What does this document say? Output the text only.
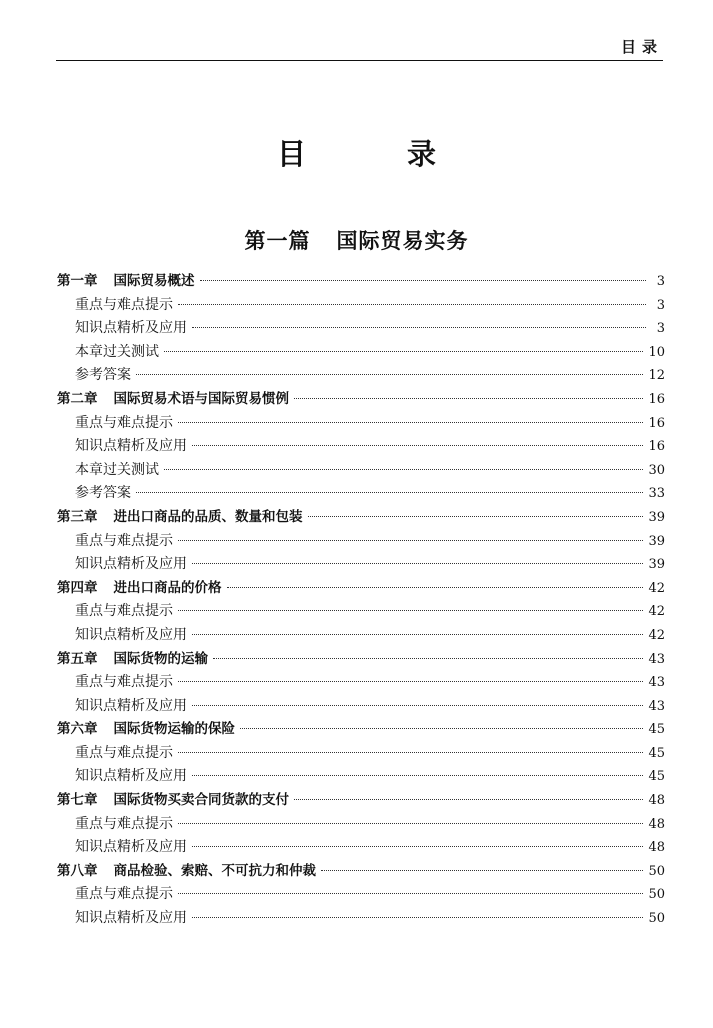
目录
目　录
第一篇 国际贸易实务
第一章 国际贸易概述	3
重点与难点提示	3
知识点精析及应用	3
本章过关测试	10
参考答案	12
第二章 国际贸易术语与国际贸易惯例	16
重点与难点提示	16
知识点精析及应用	16
本章过关测试	30
参考答案	33
第三章 进出口商品的品质、数量和包装	39
重点与难点提示	39
知识点精析及应用	39
第四章 进出口商品的价格	42
重点与难点提示	42
知识点精析及应用	42
第五章 国际货物的运输	43
重点与难点提示	43
知识点精析及应用	43
第六章 国际货物运输的保险	45
重点与难点提示	45
知识点精析及应用	45
第七章 国际货物买卖合同货款的支付	48
重点与难点提示	48
知识点精析及应用	48
第八章 商品检验、索赔、不可抗力和仲裁	50
重点与难点提示	50
知识点精析及应用	50
